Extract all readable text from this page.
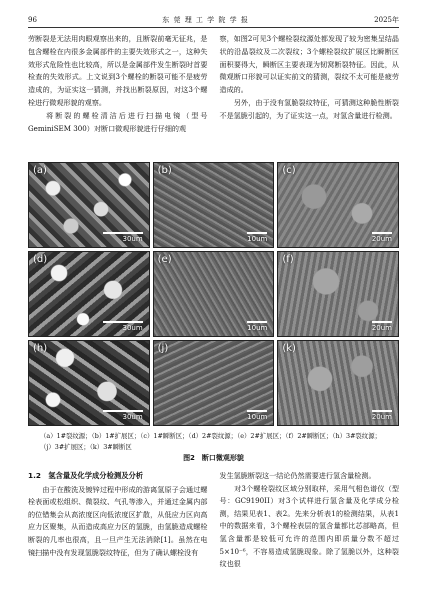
96	东 莞 理 工 学 院 学 报	2025年

劳断裂是无法用肉眼观察出来的，且断裂前毫无征兆，是包含螺栓在内很多金属部件的主要失效形式之一，这种失效形式危险性也比较高，所以是金属部件发生断裂时首要检查的失效形式。上文说到3个螺栓的断裂可能不是疲劳造成的，为证实这一猜测，并找出断裂原因，对这3个螺栓进行微观形貌的观察。
　　将断裂的螺栓清洁后进行扫描电镜（型号GeminiSEM 300）对断口微观形貌进行仔细的观

察，如图2可见3个螺栓裂纹源处都发现了较为密集呈结晶状的沿晶裂纹及二次裂纹；3个螺栓裂纹扩展区比瞬断区面积要得大，瞬断区主要表现为韧窝断裂特征。因此，从微观断口形貌可以证实前文的猜测，裂纹不太可能是疲劳造成的。
　　另外，由于没有氢脆裂纹特征，可猜测这种脆性断裂不是氢脆引起的，为了证实这一点，对氢含量进行检测。

(a)
30um
(b)
10um
(c)
20um
(d)
30um
(e)
10um
(f)
20um
(h)
30um
(j)
10um
(k)
20um
（a）1#裂纹源；（b）1#扩展区；（c）1#瞬断区；（d）2#裂纹源；（e）2#扩展区；（f）2#瞬断区；（h）3#裂纹源；（j）3#扩展区；（k）3#瞬断区
图2　断口微观形貌
1.2　氢含量及化学成分检测及分析

　　由于在酸洗及镀锌过程中形成的游离氢原子会通过螺栓表面或松组织、微裂纹、气孔等渗入，并通过金属内部的位错集会从高浓度区向低浓度区扩散，从低应力区向高应力区聚集，从而造成高应力区的氢脆，由氢脆造成螺栓断裂的几率也很高，且一旦产生无法消除[1]。虽然在电镜扫描中没有发现氢脆裂纹特征，但为了确认螺栓没有

发生氢脆断裂这一结论仍然需要进行氢含量检测。
　　对3个螺栓裂纹区域分别取样，采用气相色谱仪（型号：GC9190II）对3个试样进行氢含量及化学成分检测，结果见表1、表2。先来分析表1的检测结果，从表1中的数据来看，3个螺栓表层的氢含量都比芯部略高，但氢含量都是较低可允许的范围内即质量分数不超过5×10⁻⁶，不容易造成氢脆现象。除了氢脆以外，这种裂纹也很
